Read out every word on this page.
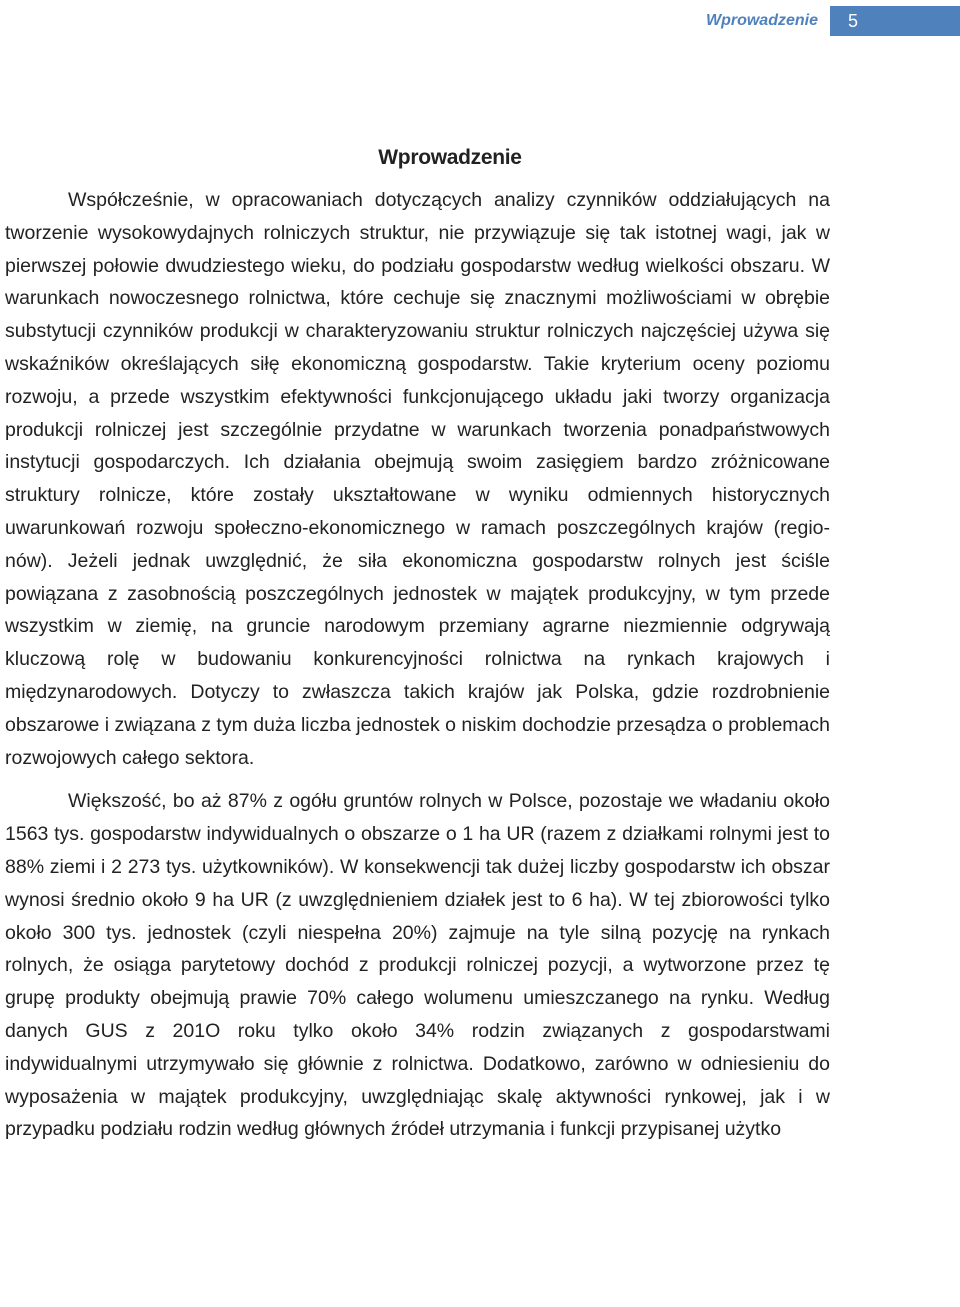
Wprowadzenie	5
Wprowadzenie

Współcześnie, w opracowaniach dotyczących analizy czynników oddziałujących na tworzenie wysokowydajnych rolniczych struktur, nie przywiązuje się tak istotnej wagi, jak w pierwszej połowie dwudziestego wieku, do podziału gospodarstw według wielkości obszaru. W warunkach nowoczesnego rolnictwa, które cechuje się znacznymi możliwościami w obrębie substytucji czynników produkcji w charakteryzowaniu struktur rolniczych najczęściej używa się wskaźników określających siłę ekonomiczną gospodarstw. Takie kryterium oceny poziomu rozwoju, a przede wszystkim efektywności funkcjonującego układu jaki tworzy organizacja produkcji rolniczej jest szczególnie przydatne w warunkach tworzenia ponadpaństwowych instytucji gospodarczych. Ich działania obejmują swoim zasięgiem bardzo zróżnicowane struktury rolnicze, które zostały ukształtowane w wyniku odmiennych historycznych uwarunkowań rozwoju społeczno-ekonomicznego w ramach poszczególnych krajów (regionów). Jeżeli jednak uwzględnić, że siła ekonomiczna gospodarstw rolnych jest ściśle powiązana z zasobnością poszczególnych jednostek w majątek produkcyjny, w tym przede wszystkim w ziemię, na gruncie narodowym przemiany agrarne niezmiennie odgrywają kluczową rolę w budowaniu konkurencyjności rolnictwa na rynkach krajowych i międzynarodowych. Dotyczy to zwłaszcza takich krajów jak Polska, gdzie rozdrobnienie obszarowe i związana z tym duża liczba jednostek o niskim dochodzie przesądza o problemach rozwojowych całego sektora.

Większość, bo aż 87% z ogółu gruntów rolnych w Polsce, pozostaje we władaniu około 1563 tys. gospodarstw indywidualnych o obszarze o 1 ha UR (razem z działkami rolnymi jest to 88% ziemi i 2 273 tys. użytkowników). W konsekwencji tak dużej liczby gospodarstw ich obszar wynosi średnio około 9 ha UR (z uwzględnieniem działek jest to 6 ha). W tej zbiorowości tylko około 300 tys. jednostek (czyli niespełna 20%) zajmuje na tyle silną pozycję na rynkach rolnych, że osiąga parytetowy dochód z produkcji rolniczej pozycji, a wytworzone przez tę grupę produkty obejmują prawie 70% całego wolumenu umieszczanego na rynku. Według danych GUS z 201O roku tylko około 34% rodzin związanych z gospodarstwami indywidualnymi utrzymywało się głównie z rolnictwa. Dodatkowo, zarówno w odniesieniu do wyposażenia w majątek produkcyjny, uwzględniając skalę aktywności rynkowej, jak i w przypadku podziału rodzin według głównych źródeł utrzymania i funkcji przypisanej użytko
